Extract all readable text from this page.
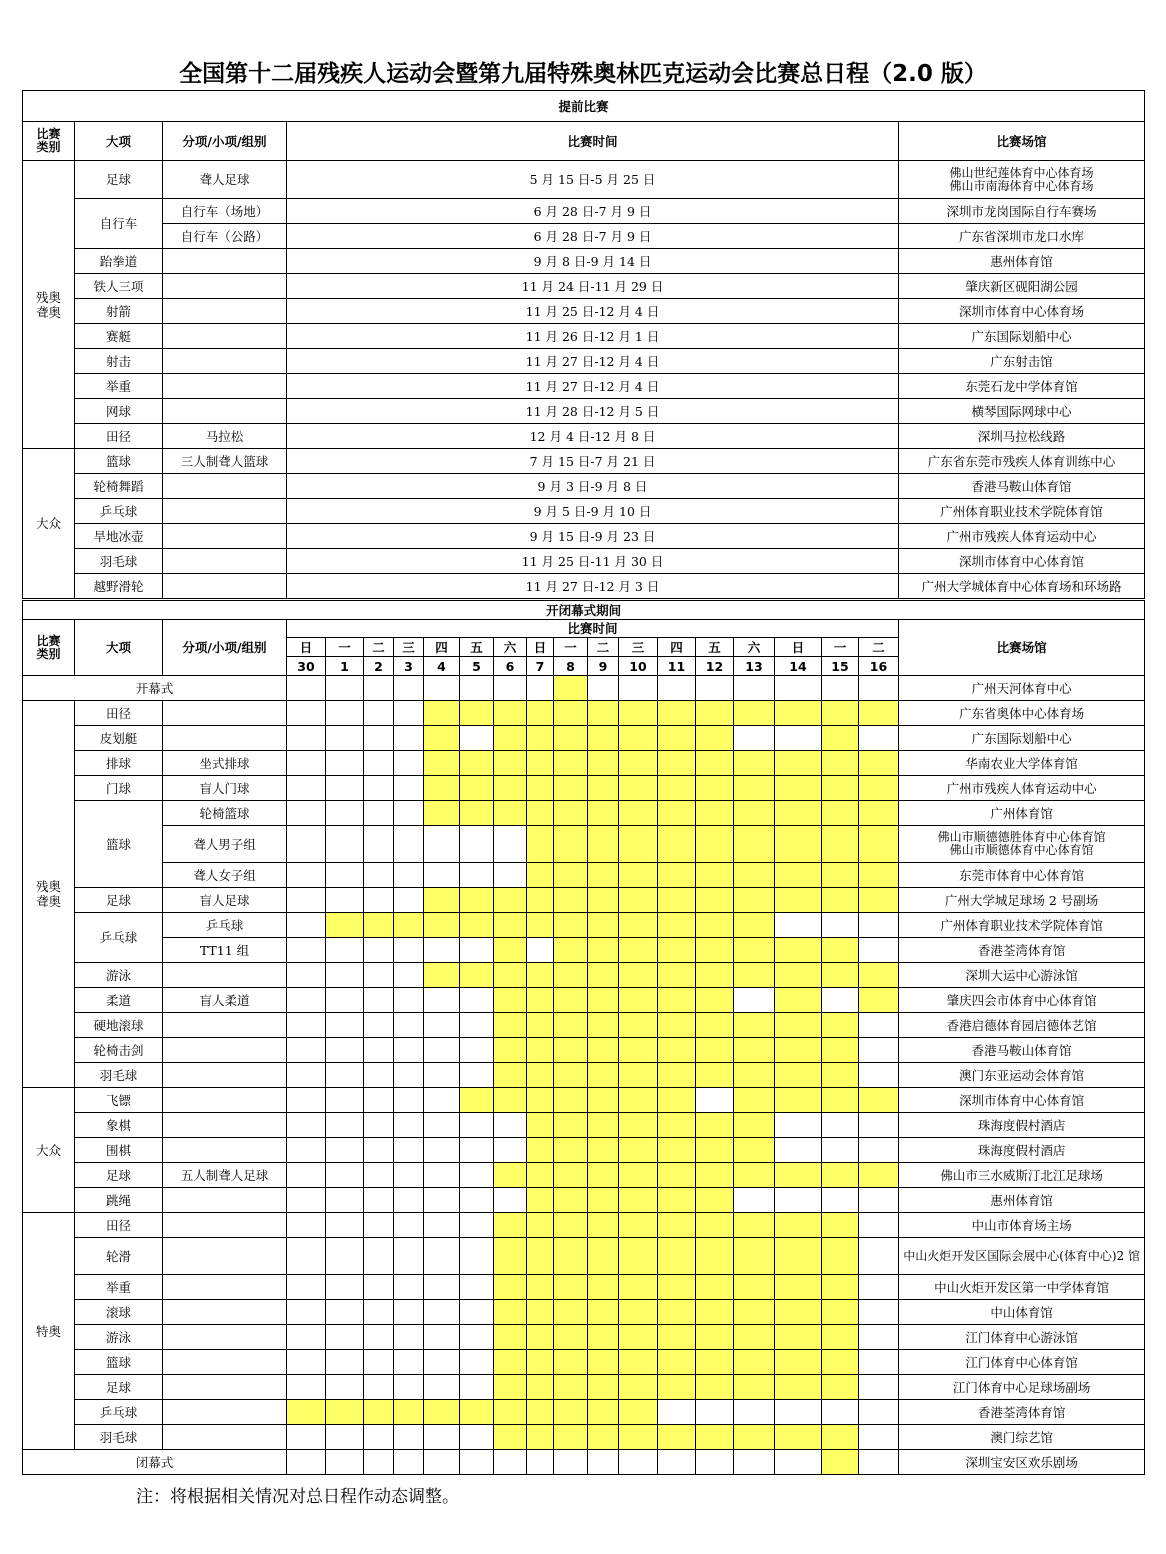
全国第十二届残疾人运动会暨第九届特殊奥林匹克运动会比赛总日程（2.0 版）
提前比赛				
比赛
类别	大项	分项/小项/组别	比赛时间	比赛场馆
残奥
聋奥	足球	聋人足球	5 月 15 日-5 月 25 日	佛山世纪莲体育中心体育场
佛山市南海体育中心体育场
	自行车	自行车（场地）	6 月 28 日-7 月 9 日	深圳市龙岗国际自行车赛场
		自行车（公路）	6 月 28 日-7 月 9 日	广东省深圳市龙口水库
	跆拳道		9 月 8 日-9 月 14 日	惠州体育馆
	铁人三项		11 月 24 日-11 月 29 日	肇庆新区砚阳湖公园
	射箭		11 月 25 日-12 月 4 日	深圳市体育中心体育场
	赛艇		11 月 26 日-12 月 1 日	广东国际划船中心
	射击		11 月 27 日-12 月 4 日	广东射击馆
	举重		11 月 27 日-12 月 4 日	东莞石龙中学体育馆
	网球		11 月 28 日-12 月 5 日	横琴国际网球中心
	田径	马拉松	12 月 4 日-12 月 8 日	深圳马拉松线路
大众	篮球	三人制聋人篮球	7 月 15 日-7 月 21 日	广东省东莞市残疾人体育训练中心
	轮椅舞蹈		9 月 3 日-9 月 8 日	香港马鞍山体育馆
	乒乓球		9 月 5 日-9 月 10 日	广州体育职业技术学院体育馆
	旱地冰壶		9 月 15 日-9 月 23 日	广州市残疾人体育运动中心
	羽毛球		11 月 25 日-11 月 30 日	深圳市体育中心体育馆
	越野滑轮		11 月 27 日-12 月 3 日	广州大学城体育中心体育场和环场路
开闭幕式期间																				
比赛
类别	大项	分项/小项/组别	比赛时间																	比赛场馆
			日	一	二	三	四	五	六	日	一	二	三	四	五	六	日	一	二	
			30	1	2	3	4	5	6	7	8	9	10	11	12	13	14	15	16	
开幕式																				广州天河体育中心
残奥
聋奥	田径																			广东省奥体中心体育场
	皮划艇																			广东国际划船中心
	排球	坐式排球																		华南农业大学体育馆
	门球	盲人门球																		广州市残疾人体育运动中心
	篮球	轮椅篮球																		广州体育馆
		聋人男子组																		佛山市顺德德胜体育中心体育馆
佛山市顺德体育中心体育馆
		聋人女子组																		东莞市体育中心体育馆
	足球	盲人足球																		广州大学城足球场 2 号副场
	乒乓球	乒乓球																		广州体育职业技术学院体育馆
		TT11 组																		香港荃湾体育馆
	游泳																			深圳大运中心游泳馆
	柔道	盲人柔道																		肇庆四会市体育中心体育馆
	硬地滚球																			香港启德体育园启德体艺馆
	轮椅击剑																			香港马鞍山体育馆
	羽毛球																			澳门东亚运动会体育馆
大众	飞镖																			深圳市体育中心体育馆
	象棋																			珠海度假村酒店
	围棋																			珠海度假村酒店
	足球	五人制聋人足球																		佛山市三水威斯汀北江足球场
	跳绳																			惠州体育馆
特奥	田径																			中山市体育场主场
	轮滑																			中山火炬开发区国际会展中心(体育中心)2 馆
	举重																			中山火炬开发区第一中学体育馆
	滚球																			中山体育馆
	游泳																			江门体育中心游泳馆
	篮球																			江门体育中心体育馆
	足球																			江门体育中心足球场副场
	乒乓球																			香港荃湾体育馆
	羽毛球																			澳门综艺馆
闭幕式																				深圳宝安区欢乐剧场
注：将根据相关情况对总日程作动态调整。
